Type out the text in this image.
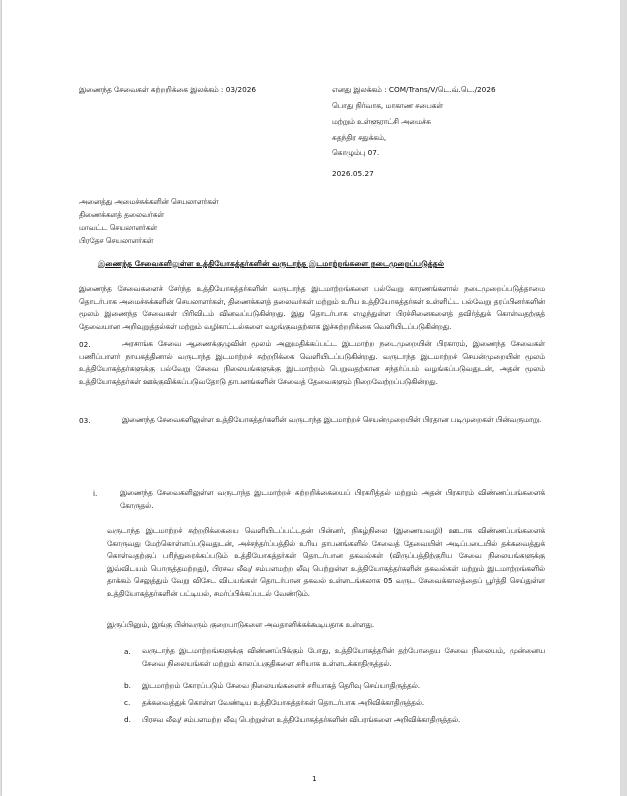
இணைந்த சேவைகள் சுற்றறிக்கை இலக்கம் : 03/2026	எனது இலக்கம் : COM/Trans/V/டெ.வ்.டெ./2026
பொது நிர்வாக, மாகாண சபைகள்
மற்றும் உள்ளூராட்சி அமைச்சு
சுதந்திர சதுக்கம்,
கொழும்பு 07.
2026.05.27
அனைத்து அமைச்சுக்களின் செயலாளர்கள்
திணைக்களத் தலைவர்கள்
மாவட்ட செயலாளர்கள்
பிரதேச செயலாளர்கள்
இணைந்த சேவைகளிலுள்ள உத்தியோகத்தர்களின் வருடாந்த இடமாற்றங்களை நடைமுறைப்படுத்தல்
இணைந்த சேவைகளைச் சேர்ந்த உத்தியோகத்தர்களின் வருடாந்த இடமாற்றங்களை பல்வேறு காரணங்களால் நடைமுறைப்படுத்தாமை தொடர்பாக அமைச்சுக்களின் செயலாளர்கள், திணைக்களத் தலைவர்கள் மற்றும் உரிய உத்தியோகத்தர்கள் உள்ளிட்ட பல்வேறு தரப்பினர்களின் மூலம் இணைந்த சேவைகள் பிரிவிடம் வினவப்படுகின்றது. இது தொடர்பாக எழுந்துள்ள பிரச்சினைகளைத் தவிர்த்துக் கொள்வதற்குத் தேவையான அறிவுறுத்தல்கள் மற்றும் வழிகாட்டல்களை வழங்குவதற்காக இச்சுற்றறிக்கை வெளியிடப்படுகின்றது.
02.	அரசாங்க சேவை ஆணைக்குழுவின் மூலம் அனுமதிக்கப்பட்ட இடமாற்ற நடைமுறையின் பிரகாரம், இணைந்த சேவைகள் பணிப்பாளர் நாயகத்தினால் வருடாந்த இடமாற்றச் சுற்றறிக்கை வெளியிடப்படுகின்றது. வருடாந்த இடமாற்றச் செயன்முறையின் மூலம் உத்தியோகத்தர்களுக்கு பல்வேறு சேவை நிலையங்களுக்கு இடமாற்றம் பெறுவதற்கான சந்தர்ப்பம் வழங்கப்படுவதுடன், அதன் மூலம் உத்தியோகத்தர்கள் ஊக்குவிக்கப்படுவதோடு தாபனங்களின் சேவைத் தேவைகளும் நிறைவேற்றப்படுகின்றது.
03.	இணைந்த சேவைகளிலுள்ள உத்தியோகத்தர்களின் வருடாந்த இடமாற்றச் செயன்முறையின் பிரதான படிமுறைகள் பின்வருமாறு.
i.	இணைந்த சேவைகளிலுள்ள வருடாந்த இடமாற்றச் சுற்றறிக்கையைப் பிரசுரித்தல் மற்றும் அதன் பிரகாரம் விண்ணப்பங்களைக் கோருதல்.
வருடாந்த இடமாற்றச் சுற்றறிக்கையை வெளியிடப்பட்டதன் பின்னர், நிகழ்நிலை (இணையவழி) ஊடாக விண்ணப்பங்களைக் கோருவது மேற்கொள்ளப்படுவதுடன், அச்சந்தர்ப்பத்தில் உரிய தாபனங்களில் சேவைத் தேவையின் அடிப்படையில் தக்கவைத்துக் கொள்வதற்குப் பரிந்துரைக்கப்படும் உத்தியோகத்தர்கள் தொடர்பான தகவல்கள் (விருப்பத்திற்குரிய சேவை நிலையங்களுக்கு இவ்விடயம் பொருத்தமற்றது), பிரசவ லீவு/ சம்பளமற்ற லீவு பெற்றுள்ள உத்தியோகத்தர்களின் தகவல்கள் மற்றும் இடமாற்றங்களில் தாக்கம் செலுத்தும் வேறு விசேட விடயங்கள் தொடர்பான தகவல் உள்ளடங்கலாக 05 வருட சேவைக்காலத்தைப் பூர்த்தி செய்துள்ள உத்தியோகத்தர்களின் பட்டியல், சமர்ப்பிக்கப்படல் வேண்டும்.
இருப்பினும், இங்கு பின்வரும் குறைபாடுகளை அவதானிக்கக்கூடியதாக உள்ளது.
a. வருடாந்த இடமாற்றங்களுக்கு விண்ணப்பிக்கும் போது, உத்தியோகத்தரின் தற்போதைய சேவை நிலையம், முன்னைய சேவை நிலையங்கள் மற்றும் காலப்பகுதிகளை சரியாக உள்ளடக்காதிருத்தல்.
b. இடமாற்றம் கோரப்படும் சேவை நிலையங்களைச் சரியாகத் தெரிவு செய்யாதிருத்தல்.
c. தக்கவைத்துக் கொள்ள வேண்டிய உத்தியோகத்தர்கள் தொடர்பாக அறிவிக்காதிருத்தல்.
d. பிரசவ லீவு/ சம்பளமற்ற லீவு பெற்றுள்ள உத்தியோகத்தர்களின் விபரங்களை அறிவிக்காதிருத்தல்.
1
